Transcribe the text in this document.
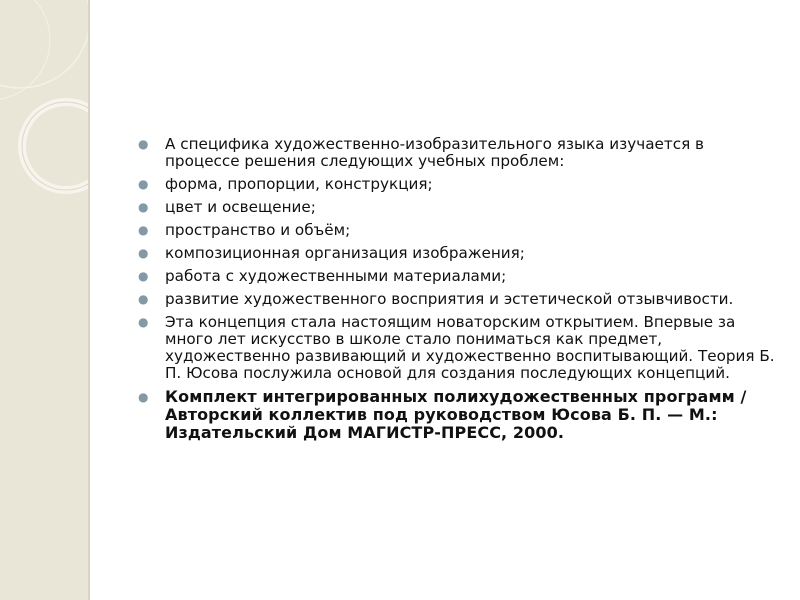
● А специфика художественно-изобразительного языка изучается в процессе решения следующих учебных проблем:
● форма, пропорции, конструкция;
● цвет и освещение;
● пространство и объём;
● композиционная организация изображения;
● работа с художественными материалами;
● развитие художественного восприятия и эстетической отзывчивости.
● Эта концепция стала настоящим новаторским открытием. Впервые за много лет искусство в школе стало пониматься как предмет, художественно развивающий и художественно воспитывающий. Теория Б. П. Юсова послужила основой для создания последующих концепций.
● Комплект интегрированных полихудожественных программ / Авторский коллектив под руководством Юсова Б. П. — М.: Издательский Дом МАГИСТР-ПРЕСС, 2000.
